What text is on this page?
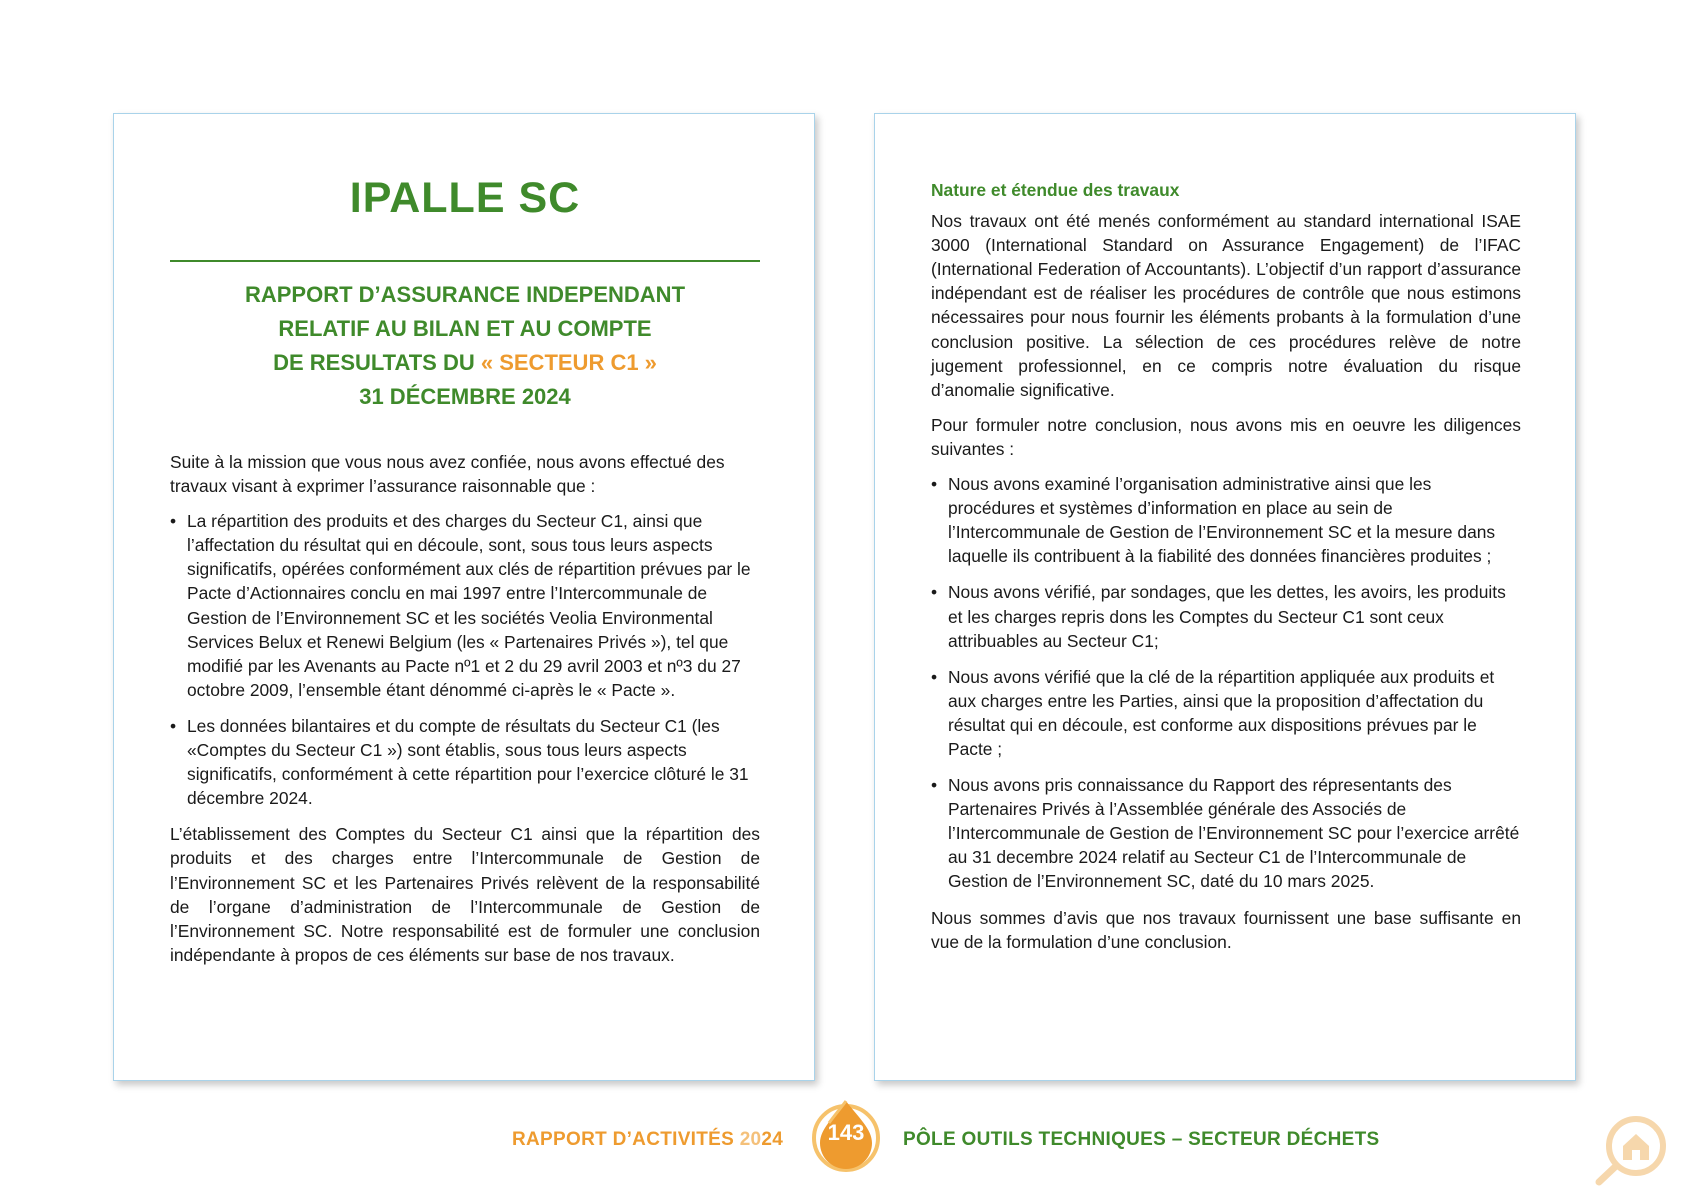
IPALLE SC
RAPPORT D’ASSURANCE INDEPENDANT
RELATIF AU BILAN ET AU COMPTE
DE RESULTATS DU « SECTEUR C1 »
31 DÉCEMBRE 2024

Suite à la mission que vous nous avez confiée, nous avons effectué des travaux visant à exprimer l’assurance raisonnable que :

• La répartition des produits et des charges du Secteur C1, ainsi que l’affectation du résultat qui en découle, sont, sous tous leurs aspects significatifs, opérées conformément aux clés de répartition prévues par le Pacte d’Actionnaires conclu en mai 1997 entre l’Intercommunale de Gestion de l’Environnement SC et les sociétés Veolia Environmental Services Belux et Renewi Belgium (les « Partenaires Privés »), tel que modifié par les Avenants au Pacte nº1 et 2 du 29 avril 2003 et nº3 du 27 octobre 2009, l’ensemble étant dénommé ci-après le « Pacte ».
• Les données bilantaires et du compte de résultats du Secteur C1 (les «Comptes du Secteur C1 ») sont établis, sous tous leurs aspects significatifs, conformément à cette répartition pour l’exercice clôturé le 31 décembre 2024.

L’établissement des Comptes du Secteur C1 ainsi que la répartition des produits et des charges entre l’Intercommunale de Gestion de l’Environnement SC et les Partenaires Privés relèvent de la responsabilité de l’organe d’administration de l’Intercommunale de Gestion de l’Environnement SC. Notre responsabilité est de formuler une conclusion indépendante à propos de ces éléments sur base de nos travaux.

Nature et étendue des travaux

Nos travaux ont été menés conformément au standard international ISAE 3000 (International Standard on Assurance Engagement) de l’IFAC (International Federation of Accountants). L’objectif d’un rapport d’assurance indépendant est de réaliser les procédures de contrôle que nous estimons nécessaires pour nous fournir les éléments probants à la formulation d’une conclusion positive. La sélection de ces procédures relève de notre jugement professionnel, en ce compris notre évaluation du risque d’anomalie significative.

Pour formuler notre conclusion, nous avons mis en oeuvre les diligences suivantes :

• Nous avons examiné l’organisation administrative ainsi que les procédures et systèmes d’information en place au sein de l’Intercommunale de Gestion de l’Environnement SC et la mesure dans laquelle ils contribuent à la fiabilité des données financières produites ;
• Nous avons vérifié, par sondages, que les dettes, les avoirs, les produits et les charges repris dons les Comptes du Secteur C1 sont ceux attribuables au Secteur C1;
• Nous avons vérifié que la clé de la répartition appliquée aux produits et aux charges entre les Parties, ainsi que la proposition d’affectation du résultat qui en découle, est conforme aux dispositions prévues par le Pacte ;
• Nous avons pris connaissance du Rapport des répresentants des Partenaires Privés à l’Assemblée générale des Associés de l’Intercommunale de Gestion de l’Environnement SC pour l’exercice arrêté au 31 decembre 2024 relatif au Secteur C1 de l’Intercommunale de Gestion de l’Environnement SC, daté du 10 mars 2025.

Nous sommes d’avis que nos travaux fournissent une base suffisante en vue de la formulation d’une conclusion.

RAPPORT D’ACTIVITÉS 2024	143	PÔLE OUTILS TECHNIQUES – SECTEUR DÉCHETS
